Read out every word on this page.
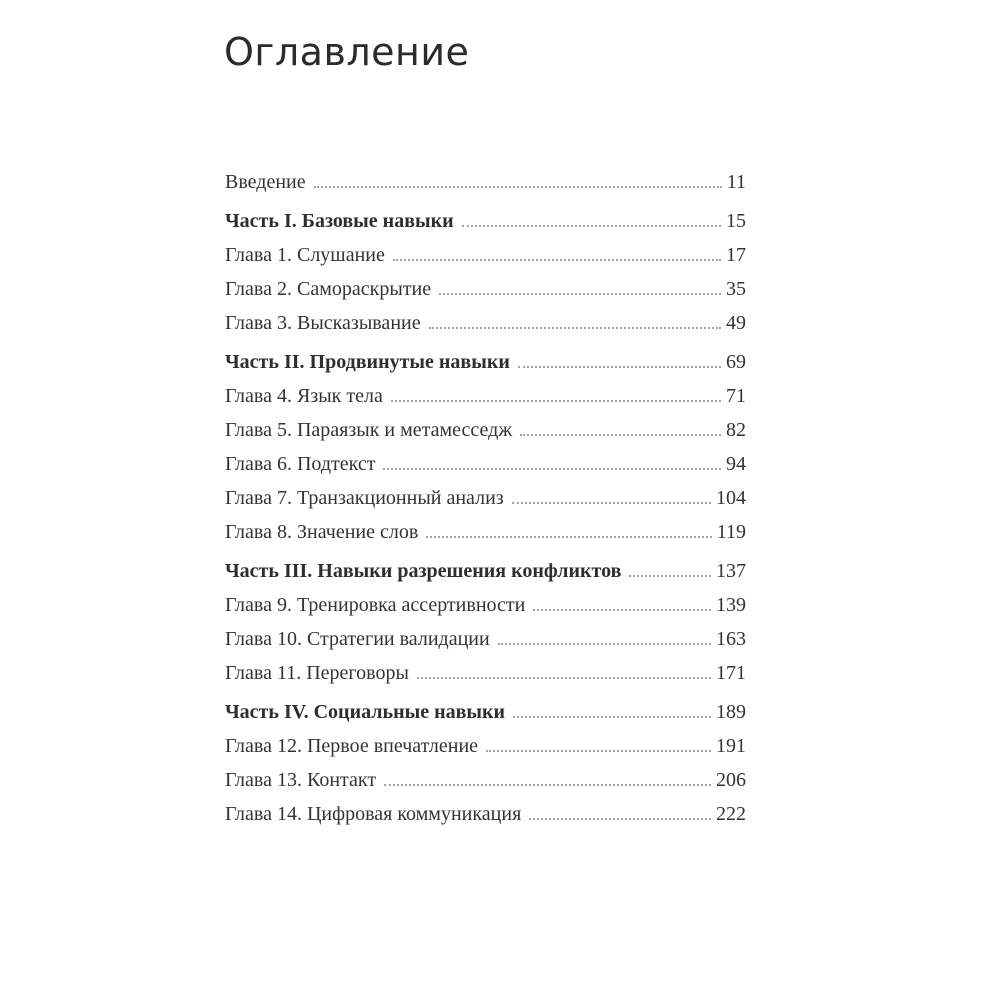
Оглавление
Введение	11
Часть I. Базовые навыки	15
Глава 1. Слушание	17
Глава 2. Самораскрытие	35
Глава 3. Высказывание	49
Часть II. Продвинутые навыки	69
Глава 4. Язык тела	71
Глава 5. Параязык и метамесседж	82
Глава 6. Подтекст	94
Глава 7. Транзакционный анализ	104
Глава 8. Значение слов	119
Часть III. Навыки разрешения конфликтов	137
Глава 9. Тренировка ассертивности	139
Глава 10. Стратегии валидации	163
Глава 11. Переговоры	171
Часть IV. Социальные навыки	189
Глава 12. Первое впечатление	191
Глава 13. Контакт	206
Глава 14. Цифровая коммуникация	222
